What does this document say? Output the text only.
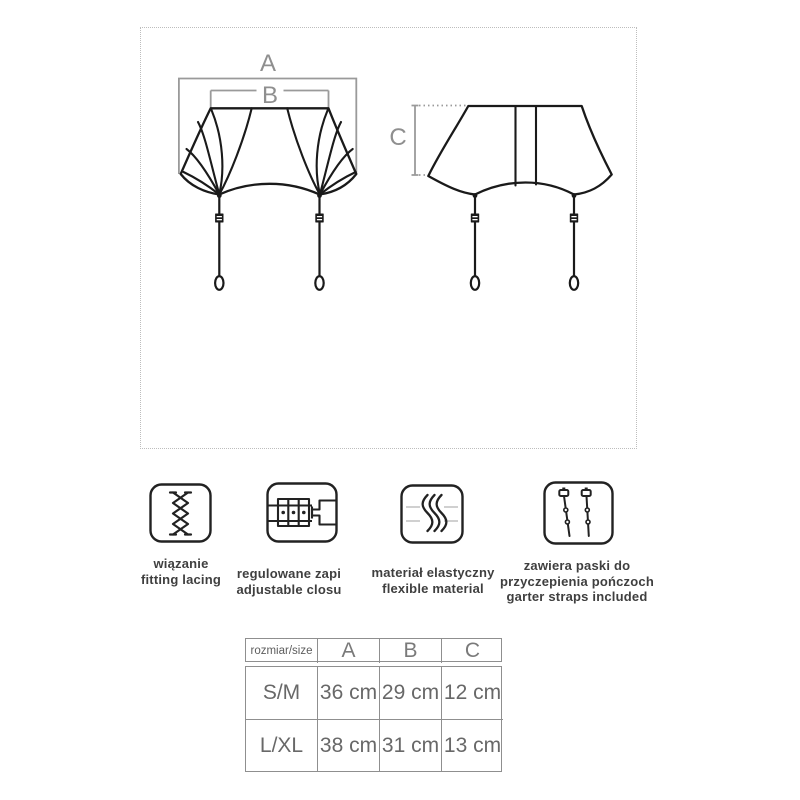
A
B
C
wiązanie
fitting lacing regulowane zapi
adjustable closu
materiał elastyczny
flexible material
zawiera paski do
przyczepienia pończoch
garter straps included
rozmiar/size	A	B	C
S/M 36 cm 29 cm 12 cm
L/XL 38 cm 31 cm 13 cm
